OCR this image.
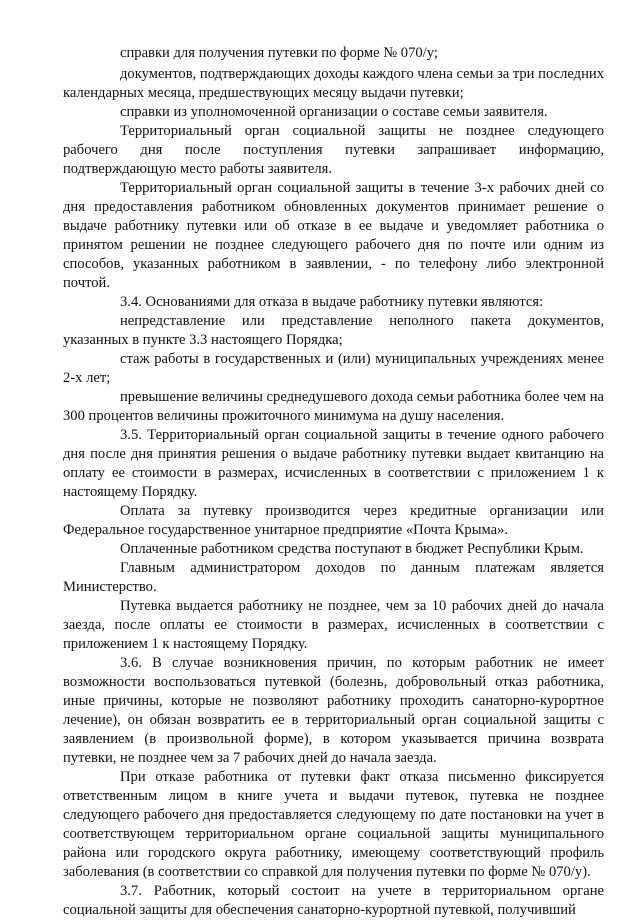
справки для получения путевки по форме № 070/у;

документов, подтверждающих доходы каждого члена семьи за три последних календарных месяца, предшествующих месяцу выдачи путевки;

справки из уполномоченной организации о составе семьи заявителя.

Территориальный орган социальной защиты не позднее следующего рабочего дня после поступления путевки запрашивает информацию, подтверждающую место работы заявителя.

Территориальный орган социальной защиты в течение 3-х рабочих дней со дня предоставления работником обновленных документов принимает решение о выдаче работнику путевки или об отказе в ее выдаче и уведомляет работника о принятом решении не позднее следующего рабочего дня по почте или одним из способов, указанных работником в заявлении, - по телефону либо электронной почтой.

3.4. Основаниями для отказа в выдаче работнику путевки являются:

непредставление или представление неполного пакета документов, указанных в пункте 3.3 настоящего Порядка;

стаж работы в государственных и (или) муниципальных учреждениях менее 2-х лет;

превышение величины среднедушевого дохода семьи работника более чем на 300 процентов величины прожиточного минимума на душу населения.

3.5. Территориальный орган социальной защиты в течение одного рабочего дня после дня принятия решения о выдаче работнику путевки выдает квитанцию на оплату ее стоимости в размерах, исчисленных в соответствии с приложением 1 к настоящему Порядку.

Оплата за путевку производится через кредитные организации или Федеральное государственное унитарное предприятие «Почта Крыма».

Оплаченные работником средства поступают в бюджет Республики Крым.

Главным администратором доходов по данным платежам является Министерство.

Путевка выдается работнику не позднее, чем за 10 рабочих дней до начала заезда, после оплаты ее стоимости в размерах, исчисленных в соответствии с приложением 1 к настоящему Порядку.

3.6. В случае возникновения причин, по которым работник не имеет возможности воспользоваться путевкой (болезнь, добровольный отказ работника, иные причины, которые не позволяют работнику проходить санаторно-курортное лечение), он обязан возвратить ее в территориальный орган социальной защиты с заявлением (в произвольной форме), в котором указывается причина возврата путевки, не позднее чем за 7 рабочих дней до начала заезда.

При отказе работника от путевки факт отказа письменно фиксируется ответственным лицом в книге учета и выдачи путевок, путевка не позднее следующего рабочего дня предоставляется следующему по дате постановки на учет в соответствующем территориальном органе социальной защиты муниципального района или городского округа работнику, имеющему соответствующий профиль заболевания (в соответствии со справкой для получения путевки по форме № 070/у).

3.7. Работник, который состоит на учете в территориальном органе социальной защиты для обеспечения санаторно-курортной путевкой, получивший
